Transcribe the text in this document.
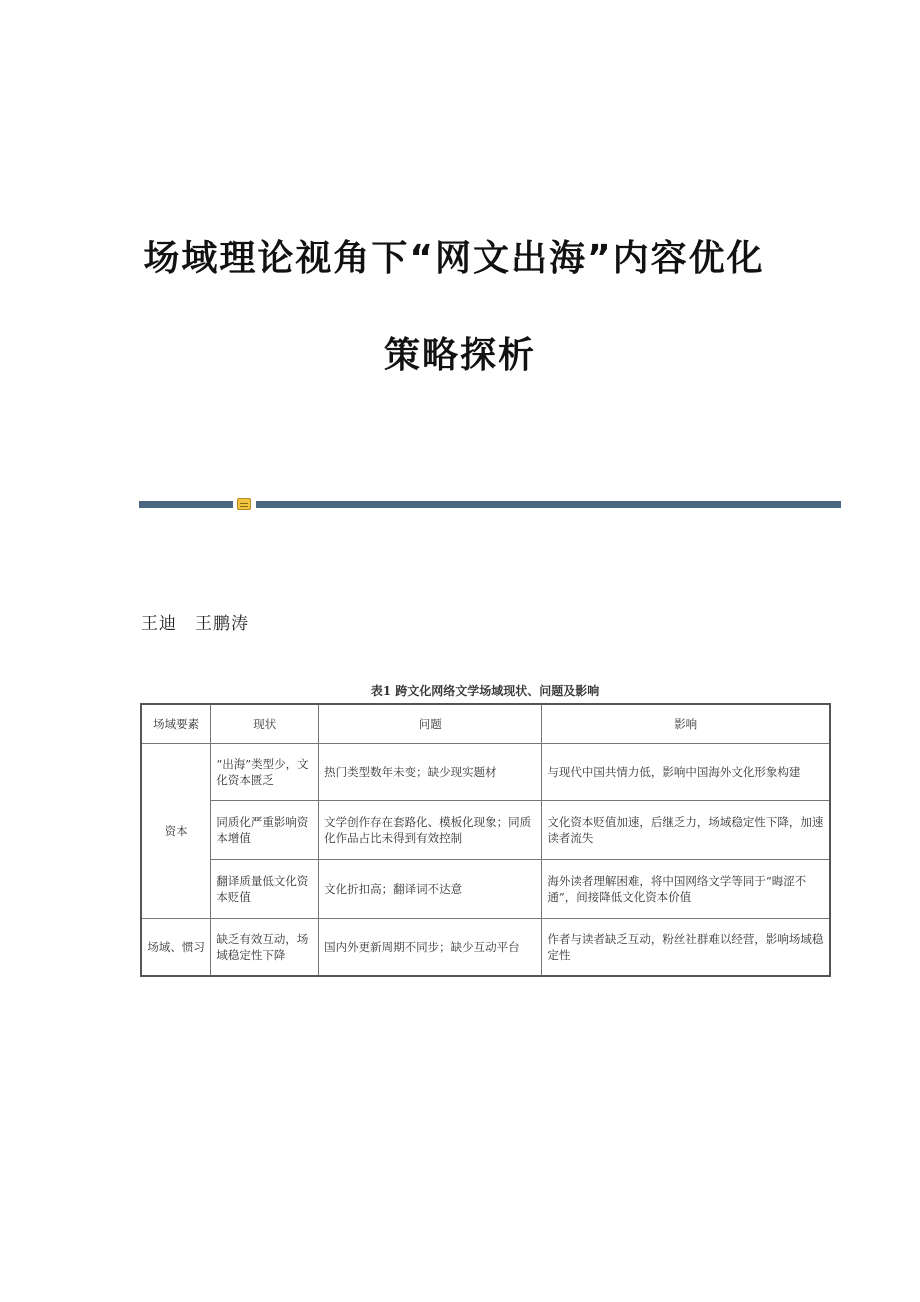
场域理论视角下“网文出海”内容优化
策略探析
王迪 王鹏涛
表1 跨文化网络文学场域现状、问题及影响
场域要素	现状	问题	影响
资本	“出海”类型少，文化资本匮乏	热门类型数年未变；缺少现实题材	与现代中国共情力低，影响中国海外文化形象构建
	同质化严重影响资本增值	文学创作存在套路化、模板化现象；同质化作品占比未得到有效控制	文化资本贬值加速，后继乏力，场域稳定性下降，加速读者流失
	翻译质量低文化资本贬值	文化折扣高；翻译词不达意	海外读者理解困难，将中国网络文学等同于“晦涩不通”，间接降低文化资本价值
场域、惯习	缺乏有效互动，场域稳定性下降	国内外更新周期不同步；缺少互动平台	作者与读者缺乏互动，粉丝社群难以经营，影响场域稳定性
